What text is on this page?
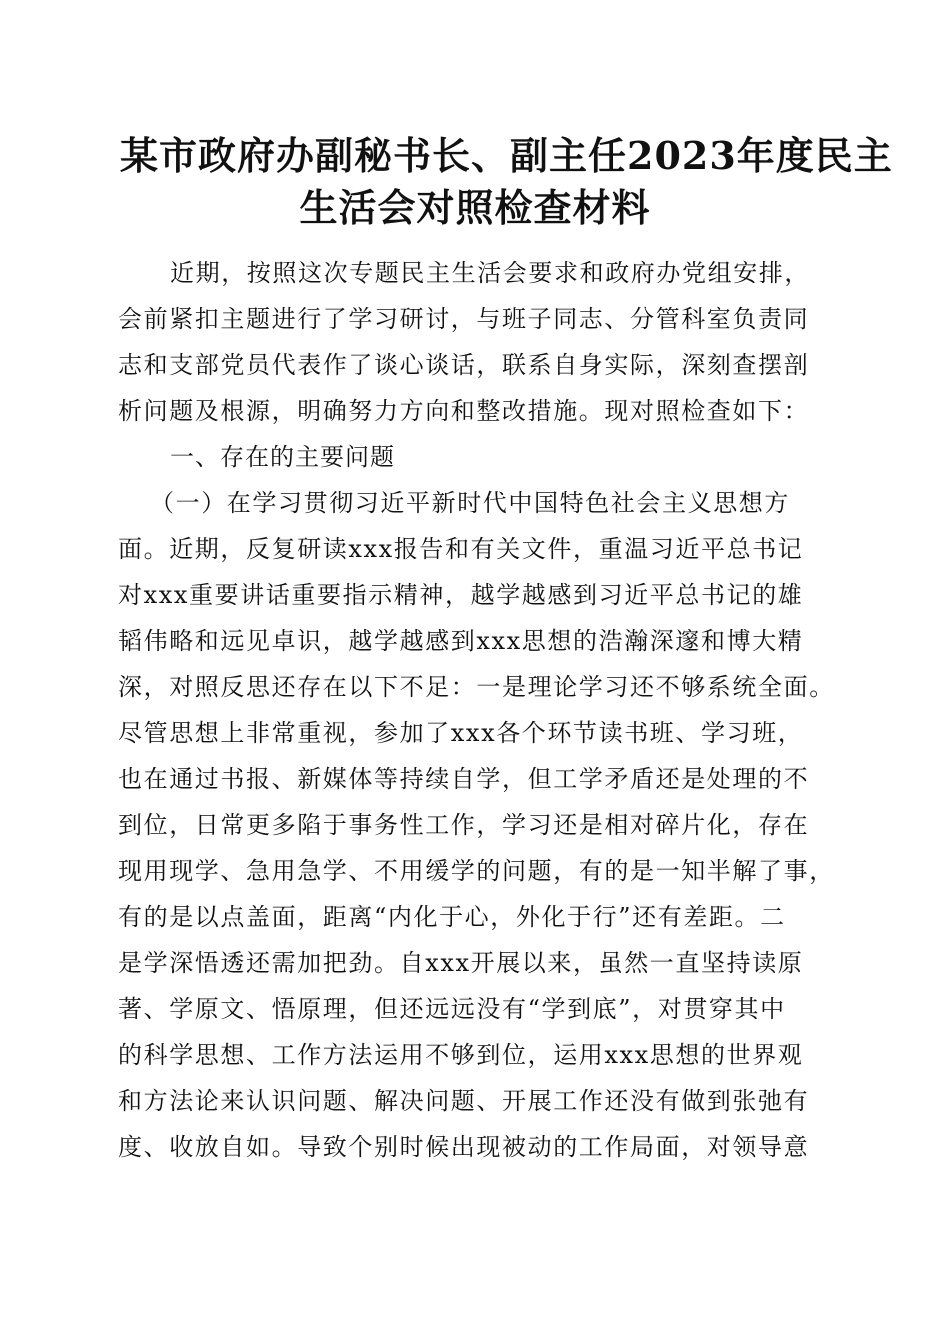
某市政府办副秘书长、副主任2023年度民主
生活会对照检查材料
近期，按照这次专题民主生活会要求和政府办党组安排，
会前紧扣主题进行了学习研讨，与班子同志、分管科室负责同
志和支部党员代表作了谈心谈话，联系自身实际，深刻查摆剖
析问题及根源，明确努力方向和整改措施。现对照检查如下：
一、存在的主要问题
（一）在学习贯彻习近平新时代中国特色社会主义思想方
面。近期，反复研读xxx报告和有关文件，重温习近平总书记
对xxx重要讲话重要指示精神，越学越感到习近平总书记的雄
韬伟略和远见卓识，越学越感到xxx思想的浩瀚深邃和博大精
深，对照反思还存在以下不足：一是理论学习还不够系统全面。
尽管思想上非常重视，参加了xxx各个环节读书班、学习班，
也在通过书报、新媒体等持续自学，但工学矛盾还是处理的不
到位，日常更多陷于事务性工作，学习还是相对碎片化，存在
现用现学、急用急学、不用缓学的问题，有的是一知半解了事，
有的是以点盖面，距离“内化于心，外化于行”还有差距。二
是学深悟透还需加把劲。自xxx开展以来，虽然一直坚持读原
著、学原文、悟原理，但还远远没有“学到底”，对贯穿其中
的科学思想、工作方法运用不够到位，运用xxx思想的世界观
和方法论来认识问题、解决问题、开展工作还没有做到张弛有
度、收放自如。导致个别时候出现被动的工作局面，对领导意
